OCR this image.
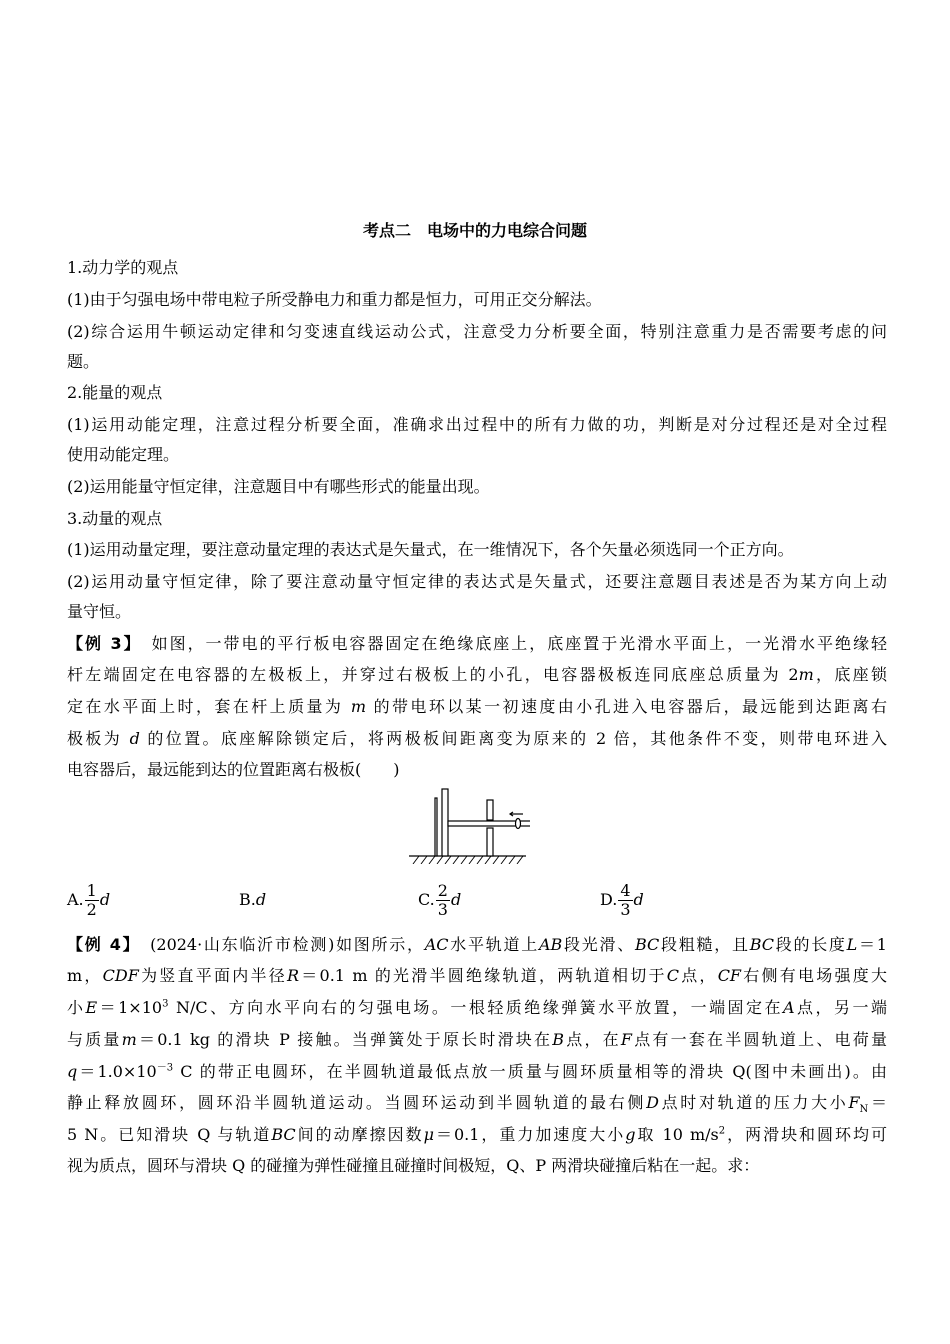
考点二　电场中的力电综合问题
1.动力学的观点
(1)由于匀强电场中带电粒子所受静电力和重力都是恒力，可用正交分解法。
(2)综合运用牛顿运动定律和匀变速直线运动公式，注意受力分析要全面，特别注意重力是否需要考虑的问
题。
2.能量的观点
(1)运用动能定理，注意过程分析要全面，准确求出过程中的所有力做的功，判断是对分过程还是对全过程
使用动能定理。
(2)运用能量守恒定律，注意题目中有哪些形式的能量出现。
3.动量的观点
(1)运用动量定理，要注意动量定理的表达式是矢量式，在一维情况下，各个矢量必须选同一个正方向。
(2)运用动量守恒定律，除了要注意动量守恒定律的表达式是矢量式，还要注意题目表述是否为某方向上动
量守恒。
【例 3】　 如图，一带电的平行板电容器固定在绝缘底座上，底座置于光滑水平面上，一光滑水平绝缘轻
杆左端固定在电容器的左极板上，并穿过右极板上的小孔，电容器极板连同底座总质量为 2m，底座锁
定在水平面上时，套在杆上质量为 m 的带电环以某一初速度由小孔进入电容器后，最远能到达距离右
极板为 d 的位置。底座解除锁定后，将两极板间距离变为原来的 2 倍，其他条件不变，则带电环进入
电容器后，最远能到达的位置距离右极板(　　)
A. $\frac{1}{2}$ d	B. d	C. $\frac{2}{3}$ d	D. $\frac{4}{3}$ d
【例 4】　 (2024·山东临沂市检测)如图所示，AC水平轨道上AB段光滑、BC段粗糙，且BC段的长度L＝1
m，CDF为竖直平面内半径R＝0.1 m 的光滑半圆绝缘轨道，两轨道相切于C点，CF右侧有电场强度大
小$E=1\times 10^3$ N/C、方向水平向右的匀强电场。一根轻质绝缘弹簧水平放置，一端固定在A点，另一端
与质量m＝0.1 kg 的滑块 P 接触。当弹簧处于原长时滑块在B点，在F点有一套在半圆轨道上、电荷量
$q=1.0\times 10^{-3}$ C 的带正电圆环，在半圆轨道最低点放一质量与圆环质量相等的滑块 Q(图中未画出)。由
静止释放圆环，圆环沿半圆轨道运动。当圆环运动到半圆轨道的最右侧D点时对轨道的压力大小$F_N=$
5 N。已知滑块 Q 与轨道BC间的动摩擦因数μ＝0.1，重力加速度大小g取 10 $m/s^2$，两滑块和圆环均可
视为质点，圆环与滑块 Q 的碰撞为弹性碰撞且碰撞时间极短，Q、P 两滑块碰撞后粘在一起。求：
